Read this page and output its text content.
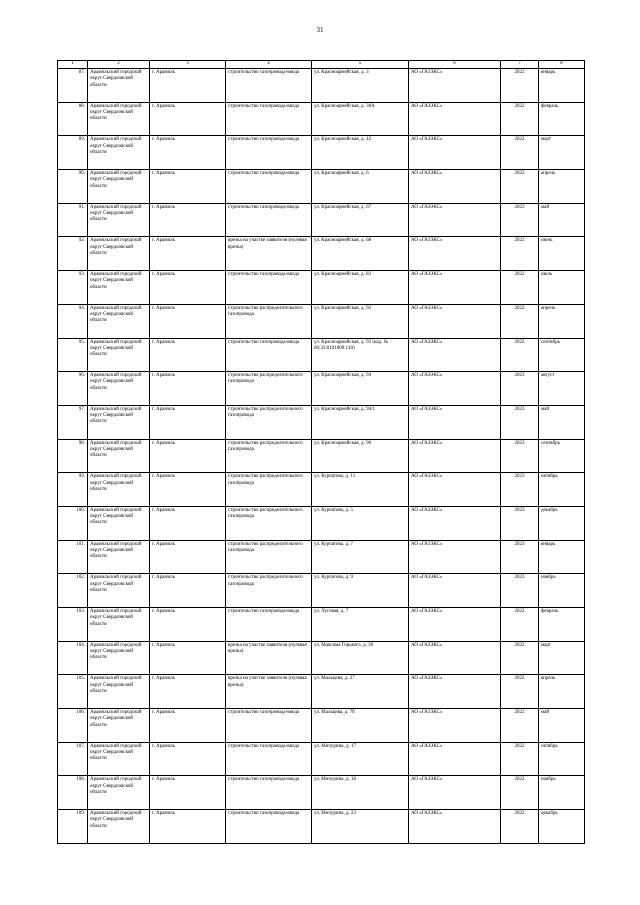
31
1	2	3	4	5	6	7	8
87.	Арамильский городской округ Свердловской области	г. Арамиль	строительство газопровода-ввода	ул. Красноармейская, д. 3	АО «ГАЗЭКС»	2022	январь
88.	Арамильский городской округ Свердловской области	г. Арамиль	строительство газопровода-ввода	ул. Красноармейская, д. 38А	АО «ГАЗЭКС»	2022	февраль
89.	Арамильский городской округ Свердловской области	г. Арамиль	строительство газопровода-ввода	ул. Красноармейская, д. 42	АО «ГАЗЭКС»	2022	март
90.	Арамильский городской округ Свердловской области	г. Арамиль	строительство газопровода-ввода	ул. Красноармейская, д. 6	АО «ГАЗЭКС»	2023	апрель
91.	Арамильский городской округ Свердловской области	г. Арамиль	строительство газопровода-ввода	ул. Красноармейская, д. 67	АО «ГАЗЭКС»	2022	май
92.	Арамильский городской округ Свердловской области	г. Арамиль	врезка на участке заявителя (нулевая врезка)	ул. Красноармейская, д. 68	АО «ГАЗЭКС»	2022	июнь
93.	Арамильский городской округ Свердловской области	г. Арамиль	строительство газопровода-ввода	ул. Красноармейская, д. 83	АО «ГАЗЭКС»	2022	июль
94.	Арамильский городской округ Свердловской области	г. Арамиль	строительство распределительного газопровода	ул. Красноармейская, д. 92	АО «ГАЗЭКС»	2022	апрель
95.	Арамильский городской округ Свердловской области	г. Арамиль	строительство газопровода-ввода	ул. Красноармейская, д. 92 (кад. № 66:33:0101009:110)	АО «ГАЗЭКС»	2022	сентябрь
96.	Арамильский городской округ Свердловской области	г. Арамиль	строительство распределительного газопровода	ул. Красноармейская, д. 94	АО «ГАЗЭКС»	2023	август
97.	Арамильский городской округ Свердловской области	г. Арамиль	строительство распределительного газопровода	ул. Красноармейская, д. 94/1	АО «ГАЗЭКС»	2023	май
98.	Арамильский городской округ Свердловской области	г. Арамиль	строительство распределительного газопровода	ул. Красноармейская, д. 96	АО «ГАЗЭКС»	2023	сентябрь
99.	Арамильский городской округ Свердловской области	г. Арамиль	строительство распределительного газопровода	ул. Курчатова, д. 11	АО «ГАЗЭКС»	2023	октябрь
100.	Арамильский городской округ Свердловской области	г. Арамиль	строительство распределительного газопровода	ул. Курчатова, д. 5	АО «ГАЗЭКС»	2023	декабрь
101.	Арамильский городской округ Свердловской области	г. Арамиль	строительство распределительного газопровода	ул. Курчатова, д. 7	АО «ГАЗЭКС»	2023	январь
102.	Арамильский городской округ Свердловской области	г. Арамиль	строительство распределительного газопровода	ул. Курчатова, д. 9	АО «ГАЗЭКС»	2023	ноябрь
103.	Арамильский городской округ Свердловской области	г. Арамиль	строительство газопровода-ввода	ул. Луговая, д. 7	АО «ГАЗЭКС»	2022	февраль
104.	Арамильский городской округ Свердловской области	г. Арамиль	врезка на участке заявителя (нулевая врезка)	ул. Максима Горького, д. 30	АО «ГАЗЭКС»	2022	март
105.	Арамильский городской округ Свердловской области	г. Арамиль	врезка на участке заявителя (нулевая врезка)	ул. Мальцева, д. 27	АО «ГАЗЭКС»	2022	апрель
106.	Арамильский городской округ Свердловской области	г. Арамиль	строительство газопровода-ввода	ул. Мальцева, д. 7б	АО «ГАЗЭКС»	2022	май
107.	Арамильский городской округ Свердловской области	г. Арамиль	строительство газопровода-ввода	ул. Мичурина, д. 17	АО «ГАЗЭКС»	2022	октябрь
108.	Арамильский городской округ Свердловской области	г. Арамиль	строительство газопровода-ввода	ул. Мичурина, д. 18	АО «ГАЗЭКС»	2022	ноябрь
109.	Арамильский городской округ Свердловской области	г. Арамиль	строительство газопровода-ввода	ул. Мичурина, д. 23	АО «ГАЗЭКС»	2022	декабрь
